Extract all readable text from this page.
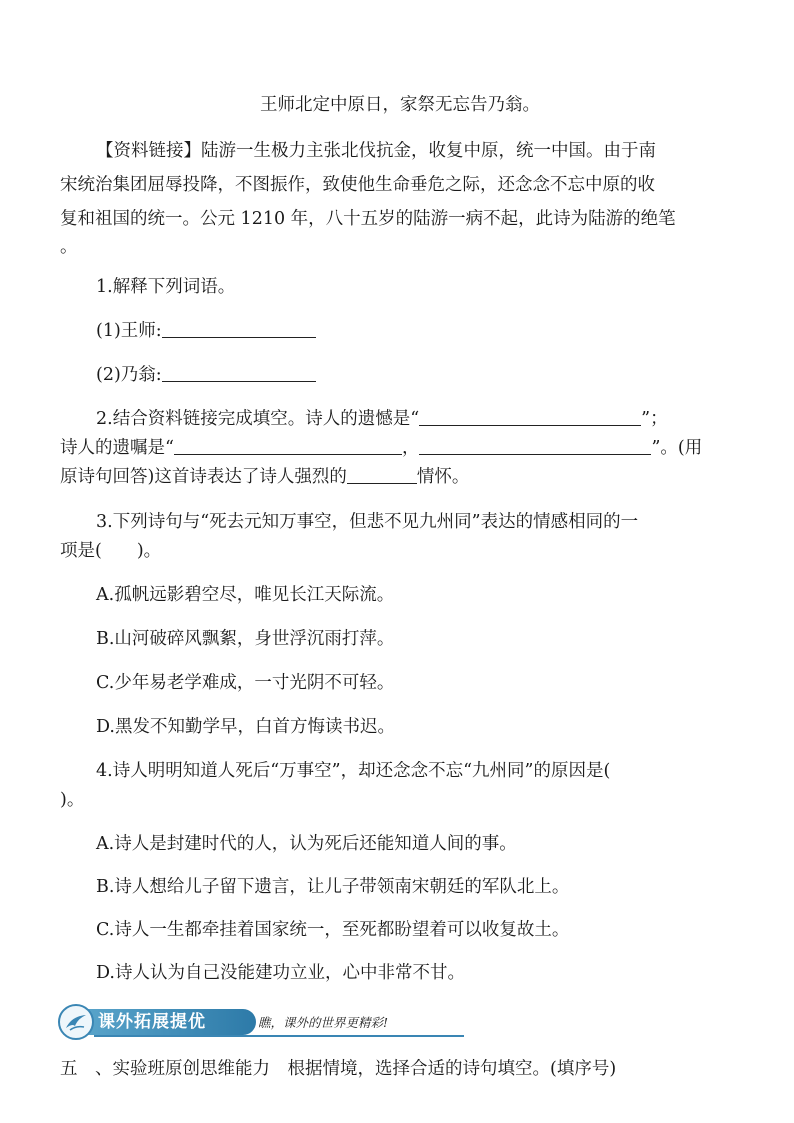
王师北定中原日，家祭无忘告乃翁。
【资料链接】陆游一生极力主张北伐抗金，收复中原，统一中国。由于南
宋统治集团屈辱投降，不图振作，致使他生命垂危之际，还念念不忘中原的收
复和祖国的统一。公元 1210 年，八十五岁的陆游一病不起，此诗为陆游的绝笔
。
1.解释下列词语。
(1)王师:
(2)乃翁:
2.结合资料链接完成填空。诗人的遗憾是“	”；
诗人的遗嘱是“	，	”。(用
原诗句回答)这首诗表达了诗人强烈的	情怀。
3.下列诗句与“死去元知万事空，但悲不见九州同”表达的情感相同的一
项是(　　)。
A.孤帆远影碧空尽，唯见长江天际流。
B.山河破碎风飘絮，身世浮沉雨打萍。
C.少年易老学难成，一寸光阴不可轻。
D.黑发不知勤学早，白首方悔读书迟。
4.诗人明明知道人死后“万事空”，却还念念不忘“九州同”的原因是(
)。
A.诗人是封建时代的人，认为死后还能知道人间的事。
B.诗人想给儿子留下遗言，让儿子带领南宋朝廷的军队北上。
C.诗人一生都牵挂着国家统一，至死都盼望着可以收复故土。
D.诗人认为自己没能建功立业，心中非常不甘。
课外拓展提优	瞧，课外的世界更精彩!
五　、实验班原创思维能力　根据情境，选择合适的诗句填空。(填序号)
